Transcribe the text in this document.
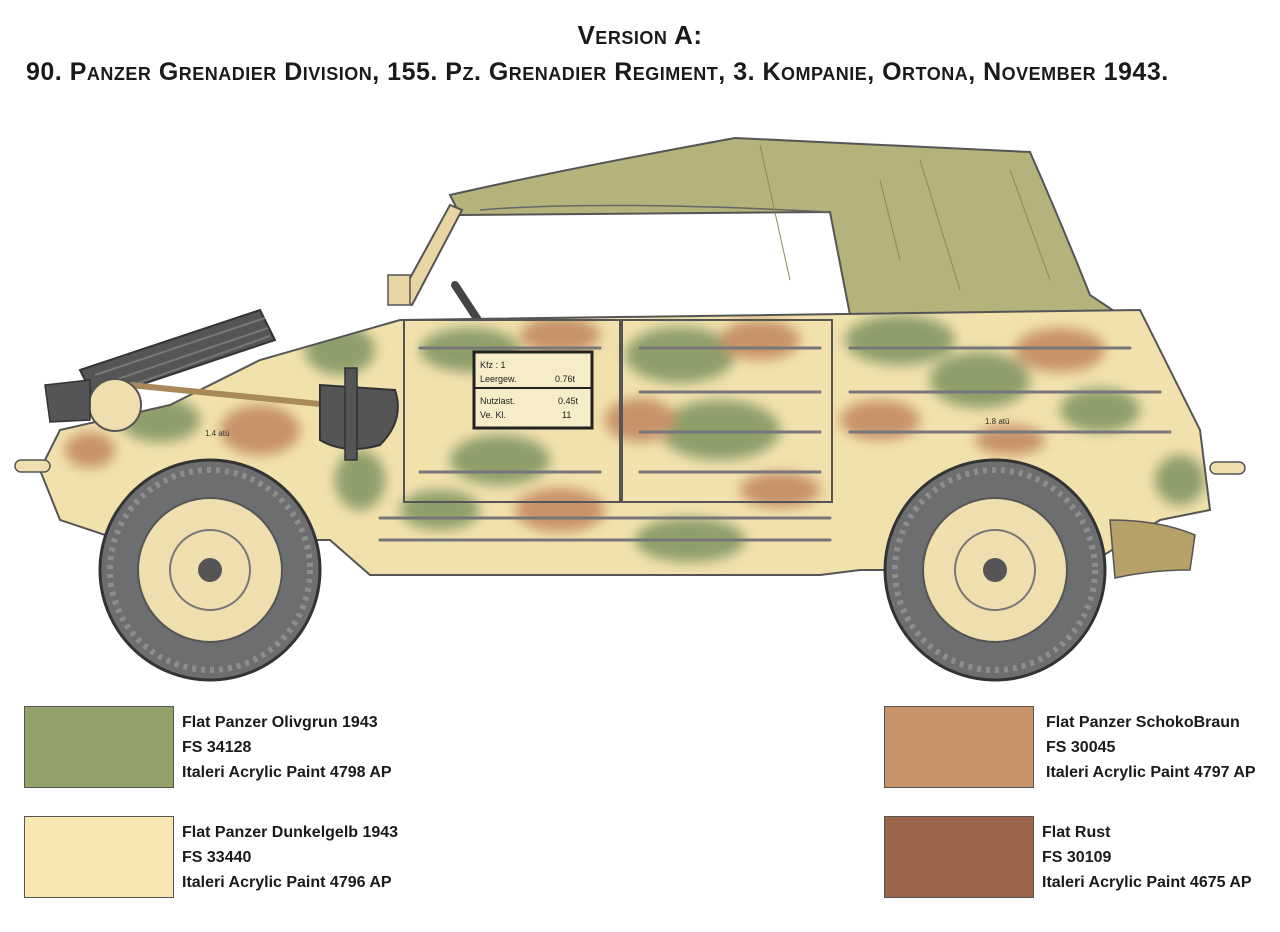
Version A:
90. Panzer Grenadier Division, 155. Pz. Grenadier Regiment, 3. Kompanie, Ortona, November 1943.
Kfz : 1
Leergew.	0.76t
Nutzlast.	0.45t
Ve. Kl.	11
1.4 atü
1.8 atü
Flat Panzer Olivgrun 1943
FS 34128
Italeri Acrylic Paint 4798 AP
Flat Panzer Dunkelgelb 1943
FS 33440
Italeri Acrylic Paint 4796 AP
Flat Panzer SchokoBraun
FS 30045
Italeri Acrylic Paint 4797 AP
Flat Rust
FS 30109
Italeri Acrylic Paint 4675 AP
